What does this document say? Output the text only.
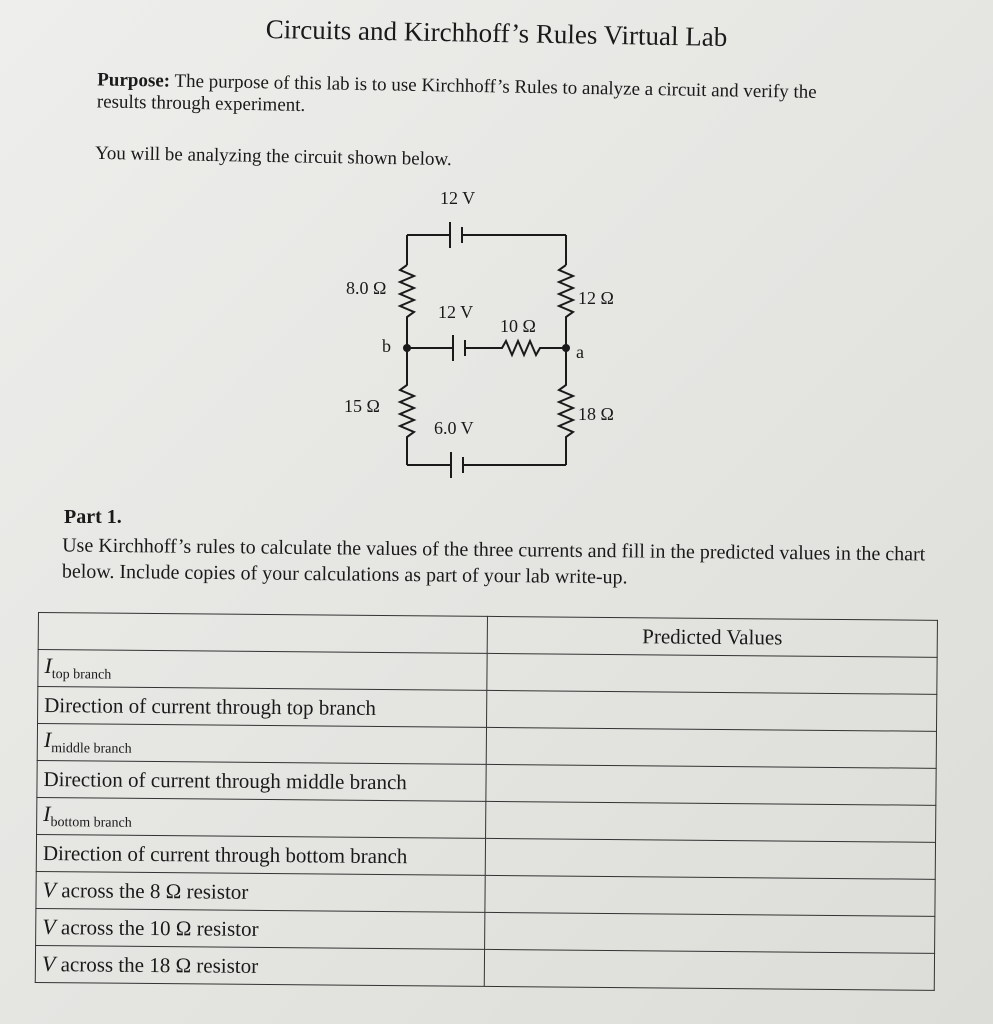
Circuits and Kirchhoff’s Rules Virtual Lab
Purpose: The purpose of this lab is to use Kirchhoff’s Rules to analyze a circuit and verify the results through experiment.
You will be analyzing the circuit shown below.
12 V
8.0 Ω	12 Ω
12 V
10 Ω
b	a
15 Ω	18 Ω
6.0 V
Part 1.
Use Kirchhoff’s rules to calculate the values of the three currents and fill in the predicted values in the chart below. Include copies of your calculations as part of your lab write-up.
	Predicted Values
$I_{top branch}$	
Direction of current through top branch	
$I_{middle branch}$	
Direction of current through middle branch	
$I_{bottom branch}$	
Direction of current through bottom branch	
V across the 8 Ω resistor	
V across the 10 Ω resistor	
V across the 18 Ω resistor	
